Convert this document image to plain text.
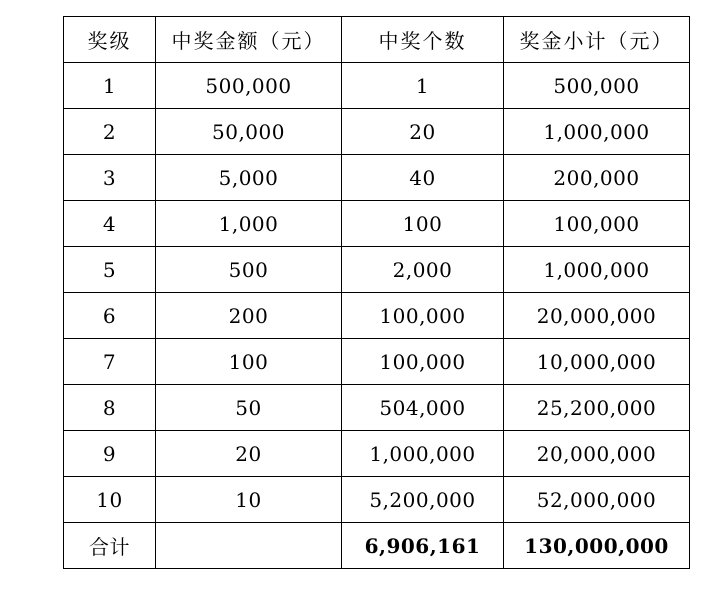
奖级	中奖金额（元）	中奖个数	奖金小计（元）
1	500,000	1	500,000
2	50,000	20	1,000,000
3	5,000	40	200,000
4	1,000	100	100,000
5	500	2,000	1,000,000
6	200	100,000	20,000,000
7	100	100,000	10,000,000
8	50	504,000	25,200,000
9	20	1,000,000	20,000,000
10	10	5,200,000	52,000,000
合计		6,906,161	130,000,000
